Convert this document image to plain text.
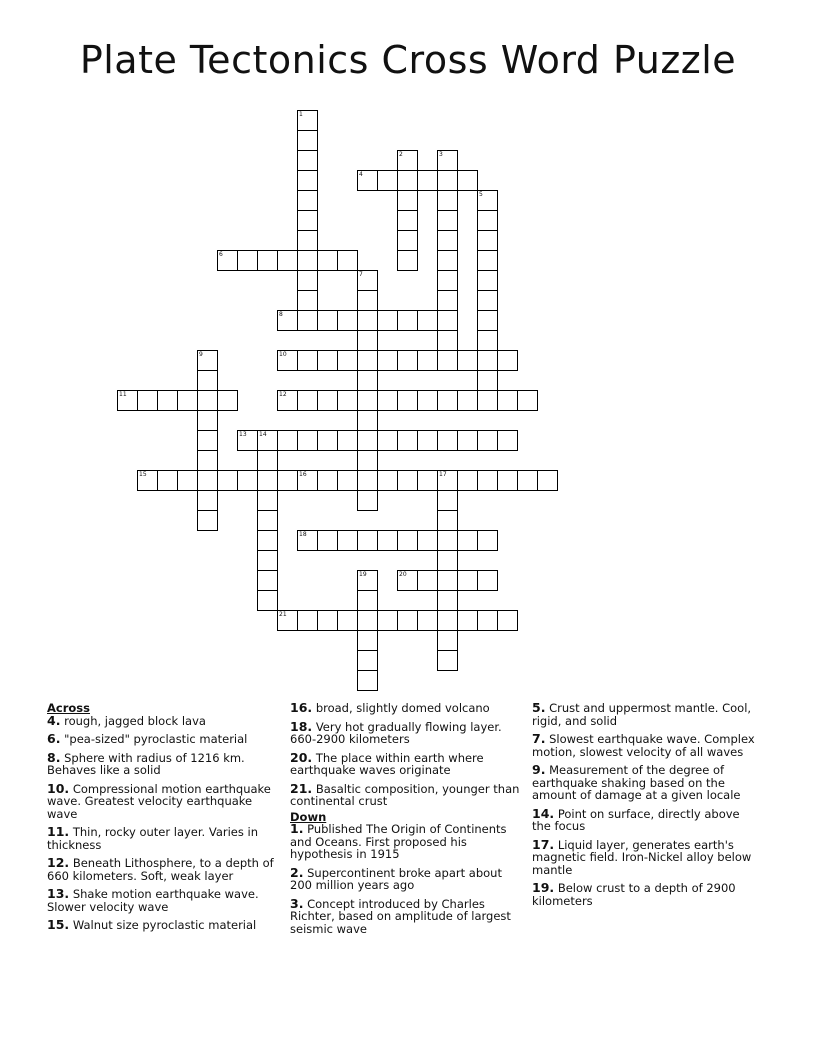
Plate Tectonics Cross Word Puzzle
1
2	3
4
5
6
7
8
9	10
11	12
13 14
15	16	17
18
19	20
21
Across
4. rough, jagged block lava
6. "pea-sized" pyroclastic material
8. Sphere with radius of 1216 km. Behaves like a solid
10. Compressional motion earthquake wave. Greatest velocity earthquake wave
11. Thin, rocky outer layer. Varies in thickness
12. Beneath Lithosphere, to a depth of 660 kilometers. Soft, weak layer
13. Shake motion earthquake wave. Slower velocity wave
15. Walnut size pyroclastic material
16. broad, slightly domed volcano
18. Very hot gradually flowing layer. 660-2900 kilometers
20. The place within earth where earthquake waves originate
21. Basaltic composition, younger than continental crust
Down
1. Published The Origin of Continents and Oceans. First proposed his hypothesis in 1915
2. Supercontinent broke apart about 200 million years ago
3. Concept introduced by Charles Richter, based on amplitude of largest seismic wave
5. Crust and uppermost mantle. Cool, rigid, and solid
7. Slowest earthquake wave. Complex motion, slowest velocity of all waves
9. Measurement of the degree of earthquake shaking based on the amount of damage at a given locale
14. Point on surface, directly above the focus
17. Liquid layer, generates earth's magnetic field. Iron-Nickel alloy below mantle
19. Below crust to a depth of 2900 kilometers
